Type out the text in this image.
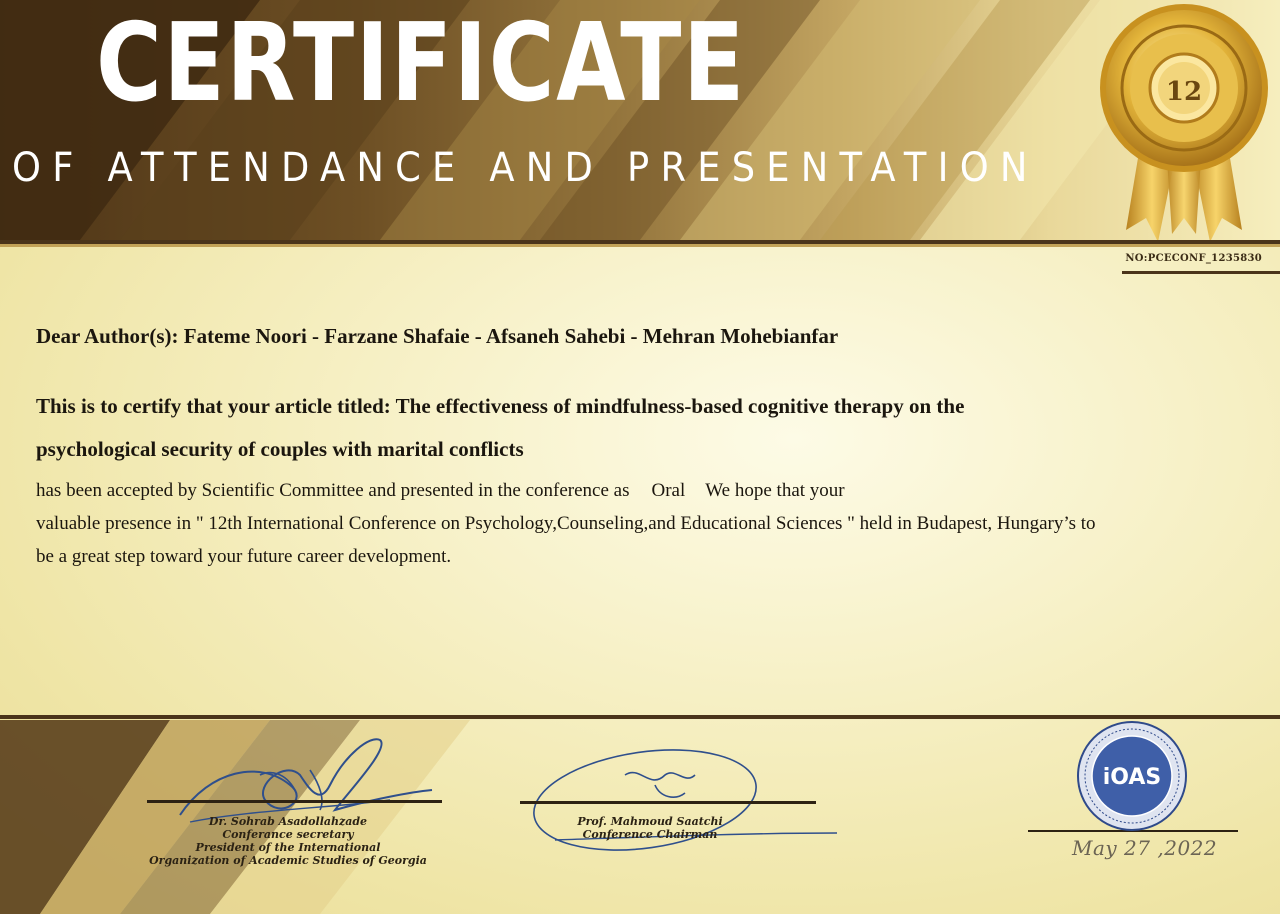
CERTIFICATE
OF ATTENDANCE AND PRESENTATION
12
NO:PCECONF_1235830
Dear Author(s): Fateme Noori - Farzane Shafaie - Afsaneh Sahebi - Mehran Mohebianfar
This is to certify that your article titled: The effectiveness of mindfulness-based cognitive therapy on the
psychological security of couples with marital conflicts
has been accepted by Scientific Committee and presented in the conference as Oral We hope that your
valuable presence in " 12th International Conference on Psychology,Counseling,and Educational Sciences " held in Budapest, Hungary’s to
be a great step toward your future career development.
Dr. Sohrab Asadollahzade
Conferance secretary
President of the International
Organization of Academic Studies of Georgia
Prof. Mahmoud Saatchi
Conference Chairman
iOAS
May 27 ,2022
